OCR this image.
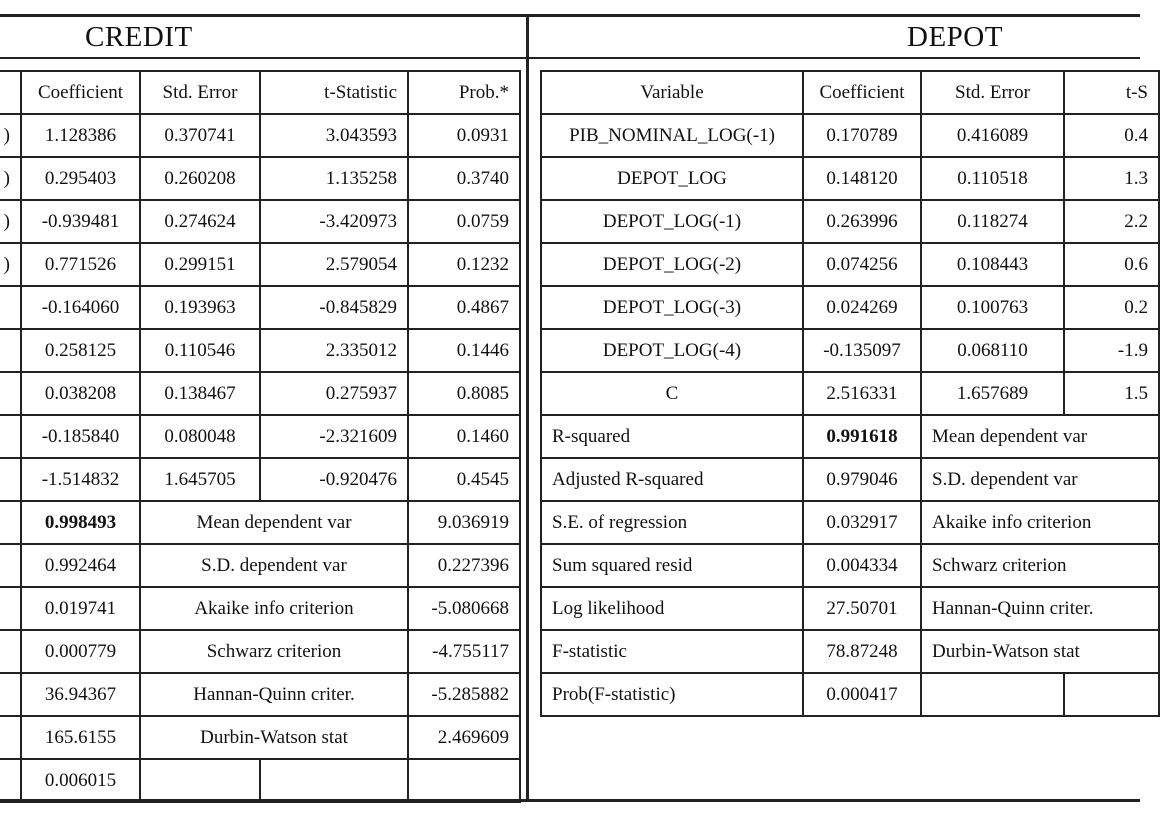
CREDIT	DEPOT
	Coefficient	Std. Error	t-Statistic	Prob.*
)	1.128386	0.370741	3.043593	0.0931
)	0.295403	0.260208	1.135258	0.3740
)	-0.939481	0.274624	-3.420973	0.0759
)	0.771526	0.299151	2.579054	0.1232
	-0.164060	0.193963	-0.845829	0.4867
	0.258125	0.110546	2.335012	0.1446
	0.038208	0.138467	0.275937	0.8085
	-0.185840	0.080048	-2.321609	0.1460
	-1.514832	1.645705	-0.920476	0.4545
	0.998493	Mean dependent var		9.036919
	0.992464	S.D. dependent var		0.227396
	0.019741	Akaike info criterion		-5.080668
	0.000779	Schwarz criterion		-4.755117
	36.94367	Hannan-Quinn criter.		-5.285882
	165.6155	Durbin-Watson stat		2.469609
	0.006015			
Variable	Coefficient	Std. Error	t-S
PIB_NOMINAL_LOG(-1)	0.170789	0.416089	0.4
DEPOT_LOG	0.148120	0.110518	1.3
DEPOT_LOG(-1)	0.263996	0.118274	2.2
DEPOT_LOG(-2)	0.074256	0.108443	0.6
DEPOT_LOG(-3)	0.024269	0.100763	0.2
DEPOT_LOG(-4)	-0.135097	0.068110	-1.9
C	2.516331	1.657689	1.5
R-squared	0.991618	Mean dependent var	
Adjusted R-squared	0.979046	S.D. dependent var	
S.E. of regression	0.032917	Akaike info criterion	
Sum squared resid	0.004334	Schwarz criterion	
Log likelihood	27.50701	Hannan-Quinn criter.	
F-statistic	78.87248	Durbin-Watson stat	
Prob(F-statistic)	0.000417		
